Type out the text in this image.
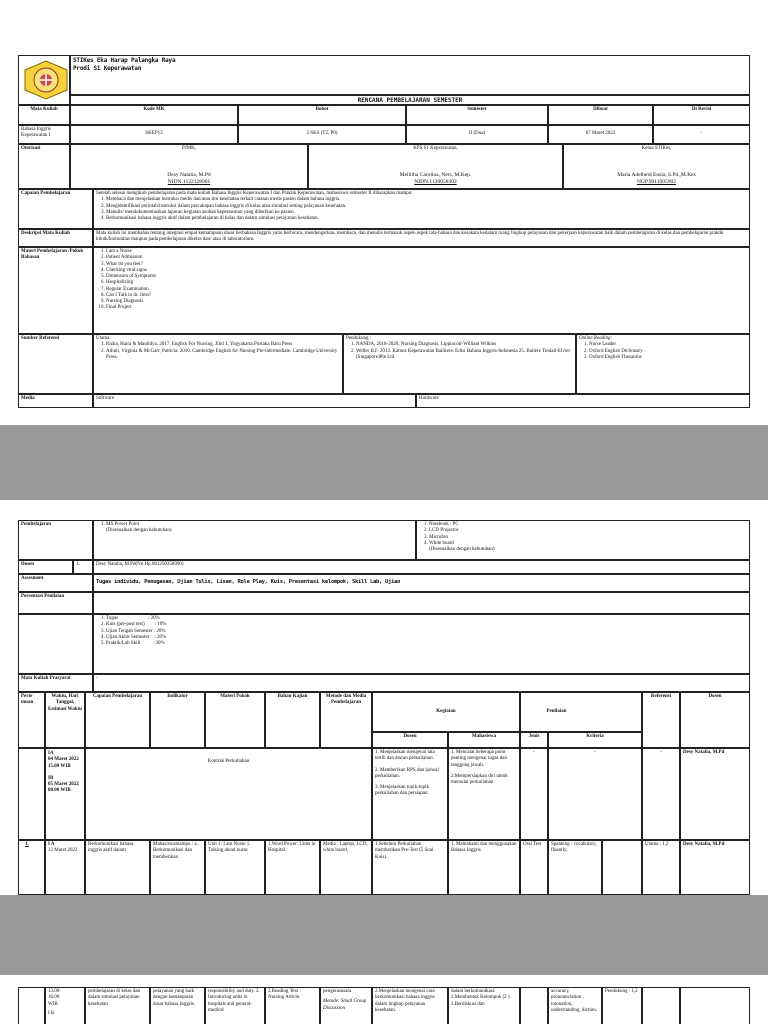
STIKes Eka Harap Palangka Raya
Prodi S1 Keperawatan
RENCANA PEMBELAJARAN SEMESTER
Mata Kuliah	Kode MK	Bobot	Semester	Dibuat	Di Revisi
Bahasa Inggris Keperawatan I	SKEP13	2 SKS (T2, P0)	II (Dua)	07 Maret 2022	-
Otorisasi	PJMK,
Desy Natalia, M.Pd
NIDN.1122128901
KPS S1 Keperawatan,
Meilitha Carolina, Ners, M.Kep.
NIDN.1120058302
Ketua STIKes,
Maria Adelheid Ensia, S.Pd.,M.Kes
NUP.9911005902
Capaian Pembelajaran	Setelah selesai mengikuti pembelajaran pada mata kuliah Bahasa Inggris Keperawatan I dan Praktik Keperawatan, mahasiswa semester II diharapkan mampu:
1. Membaca dan menjelaskan instruksi medis dan/atau tim kesehatan terkait catatan medis pasien dalam bahasa inggris.
2. Mengidentifikasi perintah/instruksi dalam percakapan bahasa inggris di kelas atau simulasi setting pelayanan kesehatan.
3. Menulis/ mendokumentasikan laporan kegiatan asuhan keperawatan yang diberikan ke pasien.
4. Berkomunikasi bahasa inggris aktif dalam pembelajaran di kelas dan dalam simulasi pelayanan kesehatan.
Deskripsi Mata Kuliah	Mata kuliah ini membahas tentang integrasi empat kemampuan dasar berbahasa Inggris yaitu berbicara, mendengarkan, membaca, dan menulis termasuk aspek-aspek tata-bahasa dan kosakata kedalam ruang lingkup pelayanan dan pekerjaan keperawatan baik dalam pembelajaran di kelas dan pembelajaran praktik klinik/komunitas maupun pada pembelajaran dikelas dan/ atau di laboratorium.
Materi Pembelajaran /Pokok Bahasan
1. I am a Nurse
2. Patient Admission
3. What do you feel?
4. Checking vital signs
5. Dimension of Symptoms
6. Hospitalizing
7. Regular Examination
8. Can I Talk to dr. Jims?
9. Nursing Diagnosis
10. Final Project
Sumber Referensi	Utama:
1. Rizka, Haira & Maulidya. 2017. English For Nursing. Jilid 1. Yogyakarta:Pustaka Baru Press
2. Allum, Virginia & McGarr, Patricia. 2010. Cambridge English for Nursing:Pre-intermediate. Cambridge University Press.
Pendukung :
1. NANDA, 2018-2020; Nursing Diagnosis, Lippincott-William Wilkins
2. Weller B.F. 2013. Kamus Keperawatan Bailliere. Edisi Bahasa Inggris-Indonesia 25. Bailere Tindall-Elvier (Singapore)Pte Ltd.
Online Reading:
1. Nurse Leader
2. Oxford English Dictionary
3. Oxford English Thesaurus
Media	Software	Hardware
Pembelajaran
1.	MS Power Point
(Disesuaikan dengan kebutuhan)
1. Notebook / PC
2. LCD Projector
3. Microfon
4. White board
(Disesuaikan dengan kebutuhan)
Dosen	1.	Desy Natalia, M.Pd(No.Hp.081250358990)
Assesment
Tugas individu, Penugasan, Ujian Tulis, Lisan, Role Play, Kuis, Presentasi kelompok, Skill Lab, Ujian
Persentasi Penilaian
1. Tugas                        : 20%
2. Kuis (pre-post test)        : 10%
3. Ujian Tengah Semester : 20%
4. Ujian Akhir Semester    : 20%
5. Praktik/Lab Skill           :30%
Mata Kuliah Prasyarat	-
Perte muan
Waktu, Hari Tanggal, Estimasi Waktu
Capaian Pembelajaran	Indikator	Materi Pokok	Bahan Kajian	Metode dan Media Pembelajaran
Kegiatan	Penilaian
Referensi	Dosen
Dosen	Mahasiswa	Jenis	Kriteria
IA
04 Maret 2022
15.00 WIB
IB
05 Maret 2022
08.00 WIB
Kontrak Perkuliahan
1. Menjelaskan mengenai tata tertib dan aturan perkuliahan.
2. Memberikan RPS dan jadwal perkuliahan.
3. Menjelaskan topik-topik perkuliahan dan persiapan.
1. Mencatat beberapa point penting mengenai tugas dan tanggung jawab.
2.Mempersiapkan diri untuk memulai perkuliahan.
-	-	-	Desy Natalia, M.Pd
1.	I A
12 Maret 2022
Berkomunikasi bahasa inggris aktif dalam
Mahasiswamampu : a. Berkomunikasi dan memberikan
Unit 1: I am Nurse 1. Talking about nurse
1.Word Power: Units in Hospital.
Media : Laptop, LCD, white board,
1.Sebelum Perkuliahan memberikan Pre-Test (5 Soal Kuis).
1. Memahami dan menggunakan Bahasa Inggris
Oral Test	Speaking : vocabulary, fluently,
Utama : 1,2	Desy Natalia, M.Pd
13.00-
16.00
WIB
I B
pembelajaran di kelas dan dalam simulasi pelayanan kesehatan
pelayanan yang baik dengan kemampuan dasar bahasa Inggris.
responsibility and duty. 2. Introducing units in hospitals and general-medical
2.Reading Text : Nursing Article.
pengerasusara
Metode: Small Group Discussion
2.Menjelaskan mengenai cara berkomunikasi bahasa inggris dalam lingkup pelayanan kesehatan.
dalam berkomunikasi. 2.Membentuk Kelompok (2 ). 3.Berdiskusi dan
accuracy, pronounciation , intonation, understanding, diction.
Pendukung : 1,2
